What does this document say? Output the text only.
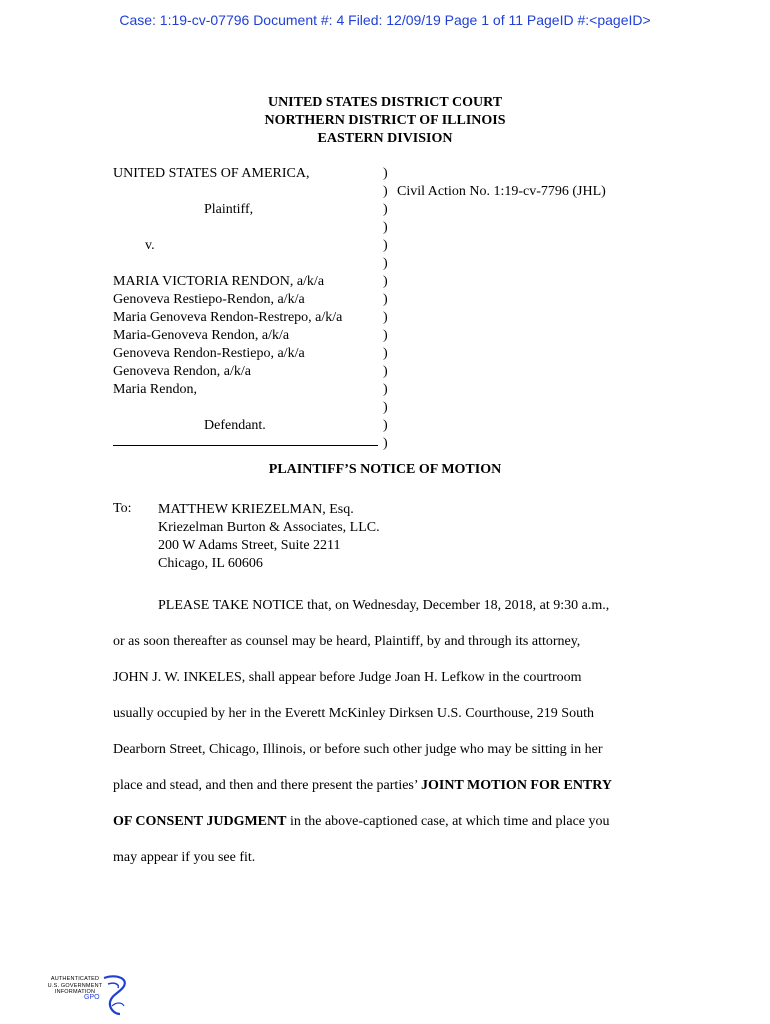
Case: 1:19-cv-07796 Document #: 4 Filed: 12/09/19 Page 1 of 11 PageID #:<pageID>
UNITED STATES DISTRICT COURT
NORTHERN DISTRICT OF ILLINOIS
EASTERN DIVISION
UNITED STATES OF AMERICA,
Plaintiff,
v.
MARIA VICTORIA RENDON, a/k/a
Genoveva Restiepo-Rendon, a/k/a
Maria Genoveva Rendon-Restrepo, a/k/a
Maria-Genoveva Rendon, a/k/a
Genoveva Rendon-Restiepo, a/k/a
Genoveva Rendon, a/k/a
Maria Rendon,
Defendant.
)
)
)
)
)
)
)
)
)
)
)
)
)
)
)
)
Civil Action No. 1:19-cv-7796 (JHL)
PLAINTIFF’S NOTICE OF MOTION
To: MATTHEW KRIEZELMAN, Esq.
Kriezelman Burton & Associates, LLC.
200 W Adams Street, Suite 2211
Chicago, IL 60606
PLEASE TAKE NOTICE that, on Wednesday, December 18, 2018, at 9:30 a.m.,
or as soon thereafter as counsel may be heard, Plaintiff, by and through its attorney,
JOHN J. W. INKELES, shall appear before Judge Joan H. Lefkow in the courtroom
usually occupied by her in the Everett McKinley Dirksen U.S. Courthouse, 219 South
Dearborn Street, Chicago, Illinois, or before such other judge who may be sitting in her
place and stead, and then and there present the parties’ JOINT MOTION FOR ENTRY
OF CONSENT JUDGMENT in the above-captioned case, at which time and place you
may appear if you see fit.
AUTHENTICATED
U.S. GOVERNMENT
INFORMATION
GPO
